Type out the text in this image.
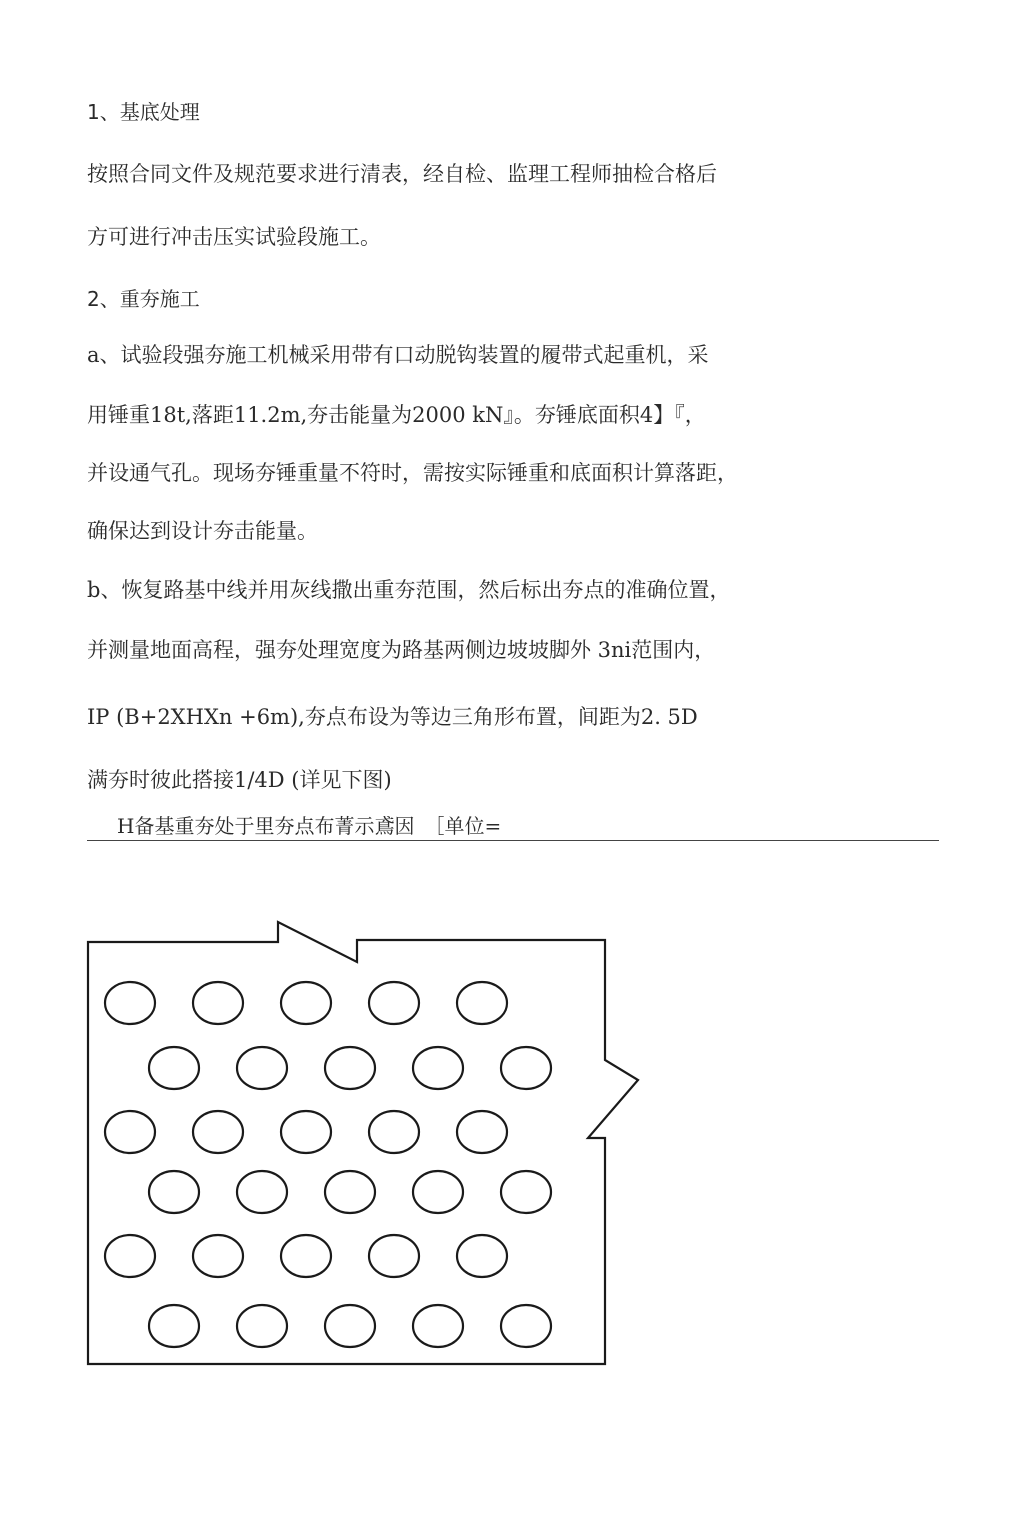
1、基底处理
按照合同文件及规范要求进行清表，经自检、监理工程师抽检合格后
方可进行冲击压实试验段施工。
2、重夯施工
a、试验段强夯施工机械采用带有口动脱钩装置的履带式起重机，采
用锤重18t,落距11.2m,夯击能量为2000 kN』。夯锤底面积4】『，
并设通气孔。现场夯锤重量不符时，需按实际锤重和底面积计算落距，
确保达到设计夯击能量。
b、恢复路基中线并用灰线撒出重夯范围，然后标出夯点的准确位置，
并测量地面高程，强夯处理宽度为路基两侧边坡坡脚外 3ni范围内，
IP (B+2XHXn +6m),夯点布设为等边三角形布置，间距为2. 5D
满夯时彼此搭接1/4D (详见下图)
H备基重夯处于里夯点布菁示鳶因　［单位=
